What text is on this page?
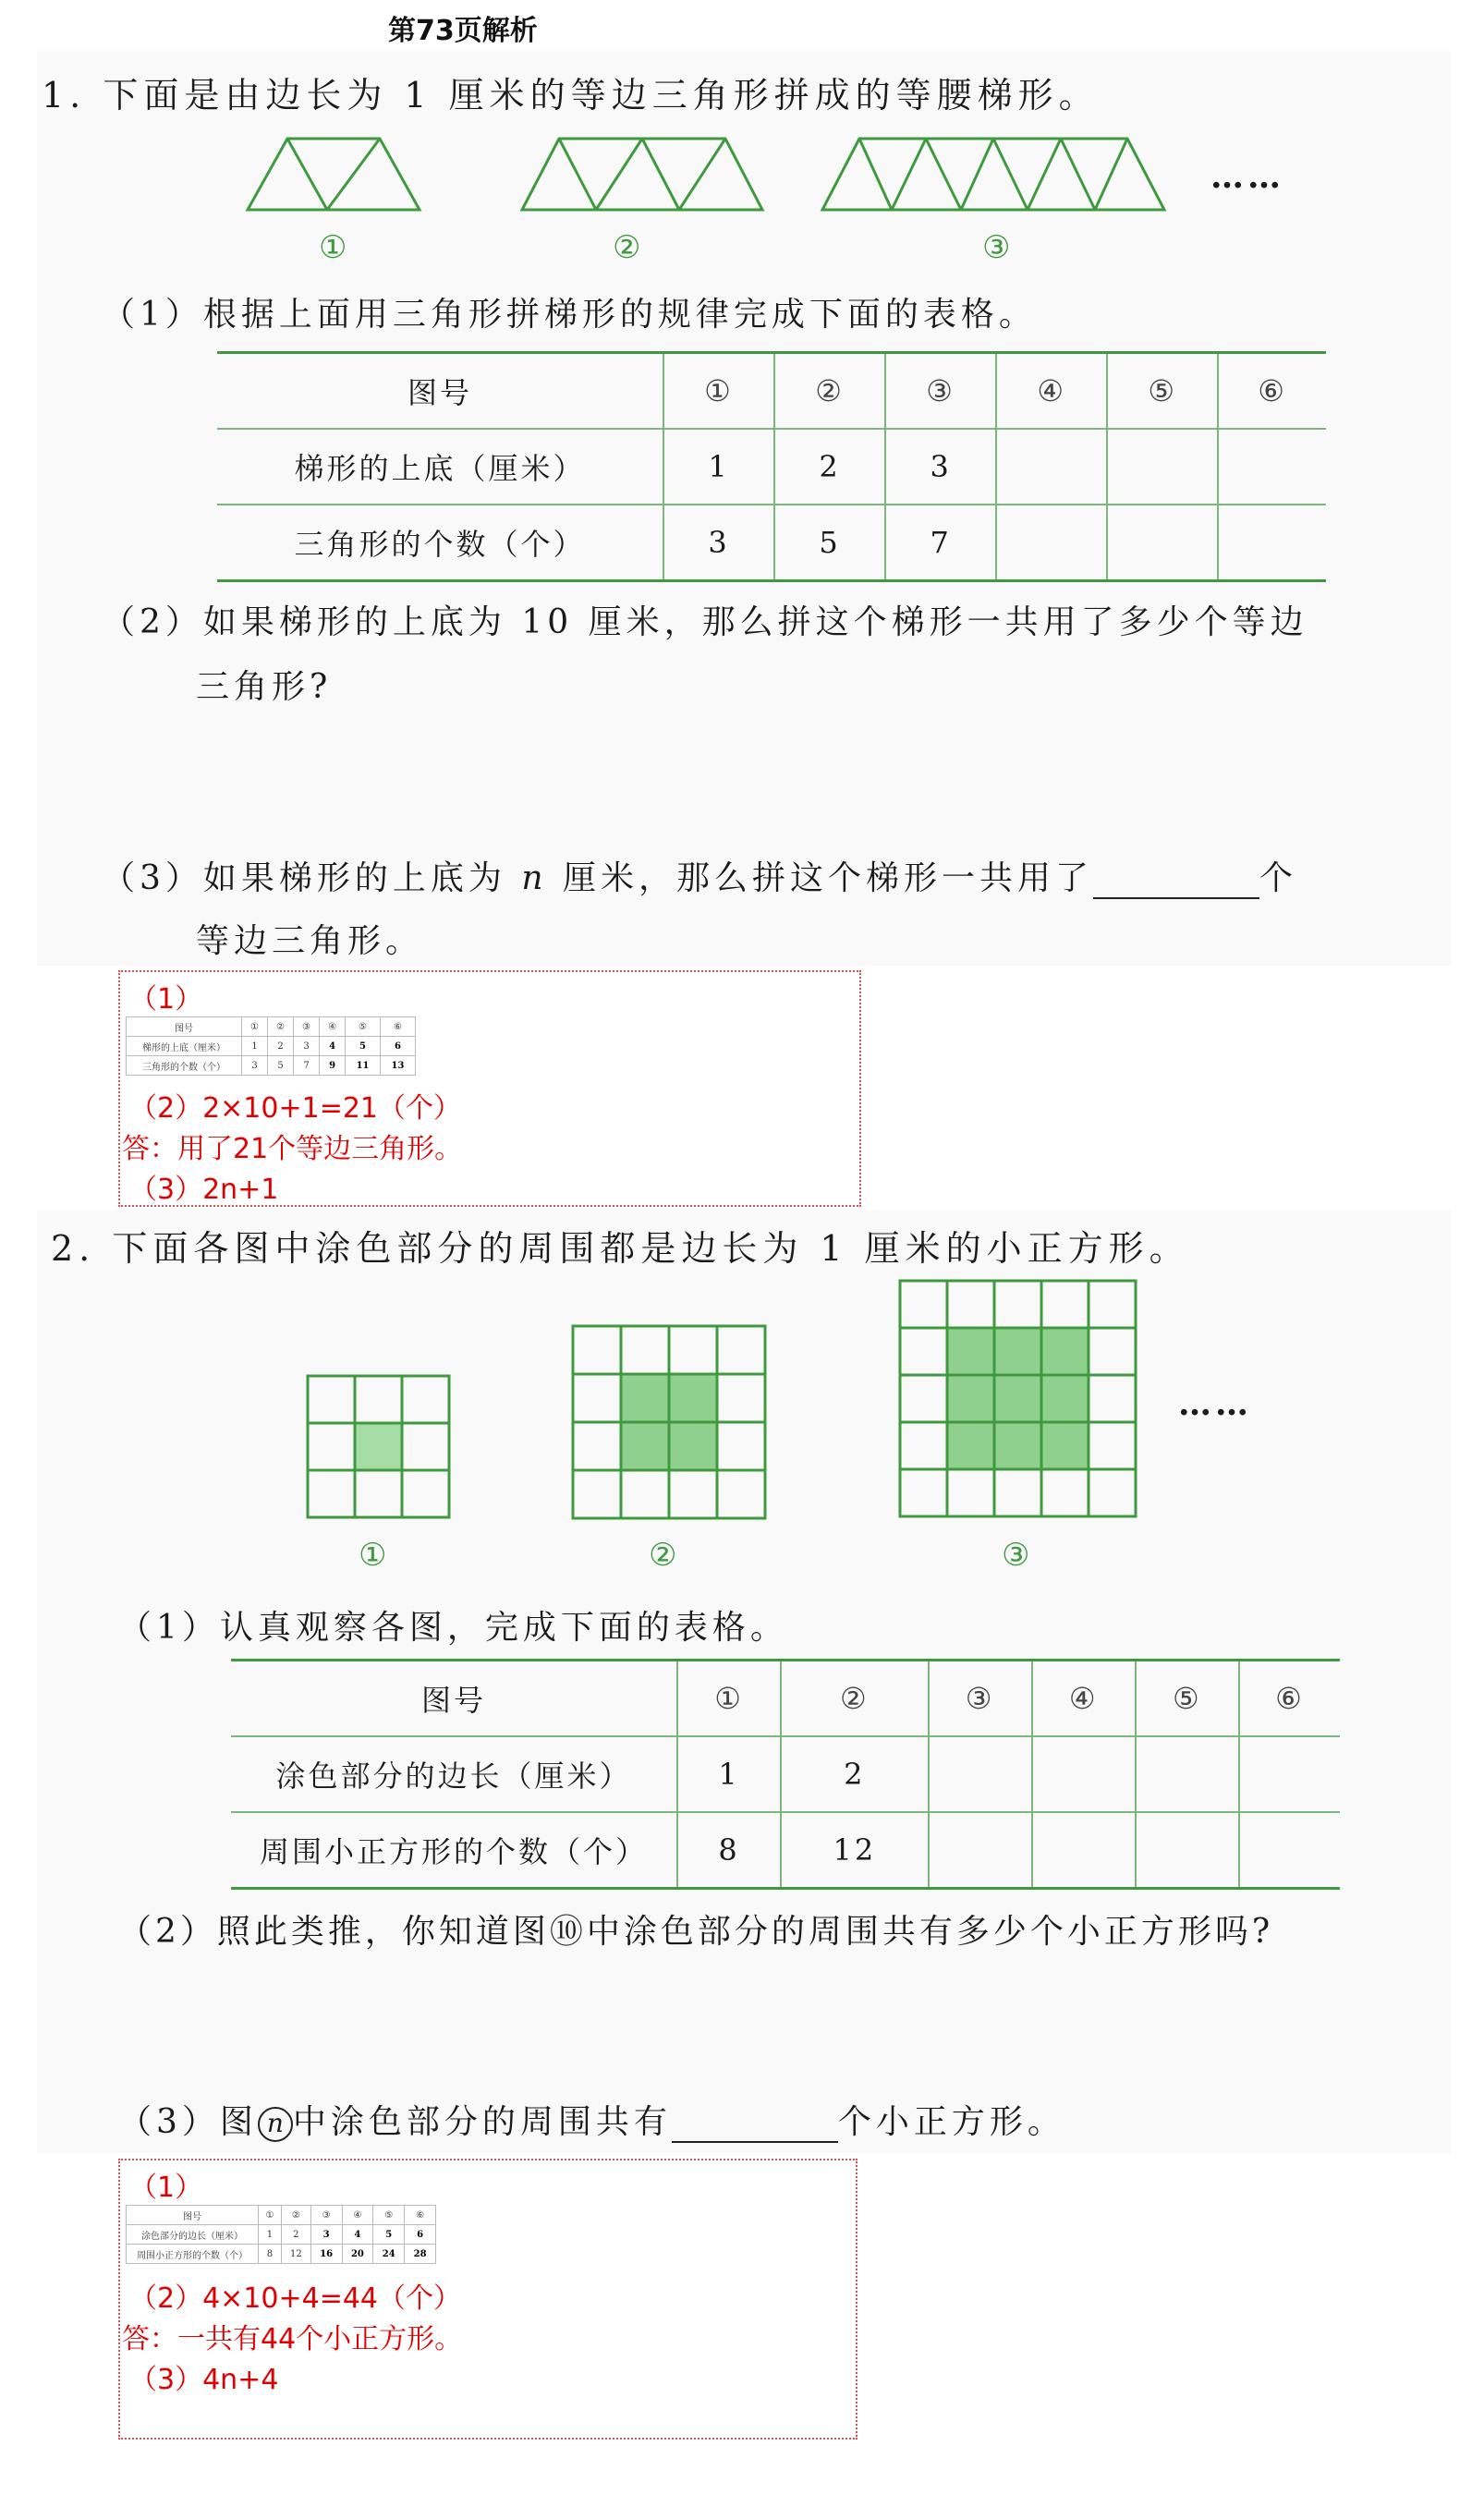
第73页解析
1. 下面是由边长为 1 厘米的等边三角形拼成的等腰梯形。
①	②	③
……
（1）根据上面用三角形拼梯形的规律完成下面的表格。
图号	①	②	③	④	⑤	⑥
梯形的上底（厘米）	1	2	3			
三角形的个数（个）	3	5	7			
（2）如果梯形的上底为 10 厘米，那么拼这个梯形一共用了多少个等边
三角形?
（3）如果梯形的上底为 n 厘米，那么拼这个梯形一共用了	个
等边三角形。
（1）
图号	①	②	③	④	⑤	⑥
梯形的上底（厘米）	1	2	3	4	5	6
三角形的个数（个）	3	5	7	9	11	13
（2）2×10+1=21（个）
答：用了21个等边三角形。
（3）2n+1
2. 下面各图中涂色部分的周围都是边长为 1 厘米的小正方形。
①	②	③
……
（1）认真观察各图，完成下面的表格。
图号	①	②	③	④	⑤	⑥
涂色部分的边长（厘米）	1	2				
周围小正方形的个数（个）	8	12				
（2）照此类推，你知道图⑩中涂色部分的周围共有多少个小正方形吗?
（3）图 n 中涂色部分的周围共有	个小正方形。
（1）
图号	①	②	③	④	⑤	⑥
涂色部分的边长（厘米）	1	2	3	4	5	6
周围小正方形的个数（个）	8	12	16	20	24	28
（2）4×10+4=44（个）
答：一共有44个小正方形。
（3）4n+4
